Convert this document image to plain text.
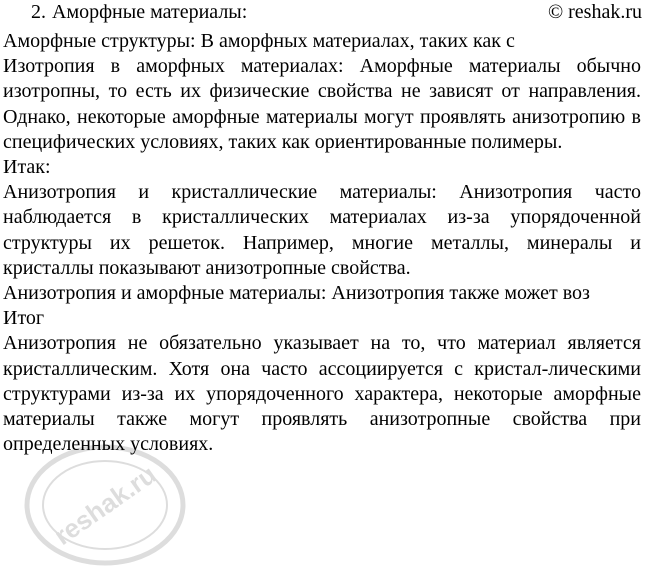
2. Аморфные материалы:	© reshak.ru

Аморфные структуры: В аморфных материалах, таких как с

Изотропия в аморфных материалах: Аморфные материалы обычно изотропны, то есть их физические свойства не зависят от направления. Однако, некоторые аморфные материалы могут проявлять анизотропию в специфических условиях, таких как ориентированные полимеры.

Итак:

Анизотропия и кристаллические материалы: Анизотропия часто наблюдается в кристаллических материалах из-за упорядоченной структуры их решеток. Например, многие металлы, минералы и кристаллы показывают анизотропные свойства.

Анизотропия и аморфные материалы: Анизотропия также может воз

Итог

Анизотропия не обязательно указывает на то, что материал является кристаллическим. Хотя она часто ассоциируется с кристал-лическими структурами из-за их упорядоченного характера, некоторые аморфные материалы также могут проявлять анизотропные свойства при определенных условиях.

reshak.ru
